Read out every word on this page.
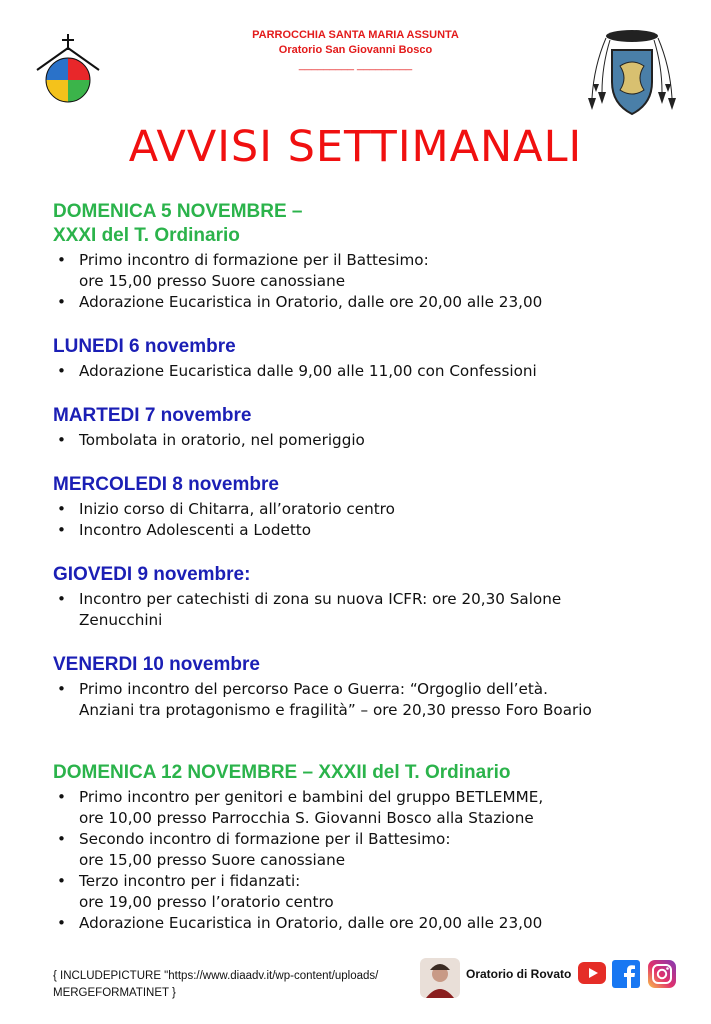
PARROCCHIA SANTA MARIA ASSUNTA
Oratorio San Giovanni Bosco
_________ _________
AVVISI SETTIMANALI
DOMENICA 5 NOVEMBRE –
XXXI del T. Ordinario
• Primo incontro di formazione per il Battesimo:
ore 15,00 presso Suore canossiane
• Adorazione Eucaristica in Oratorio, dalle ore 20,00 alle 23,00
LUNEDI 6 novembre
• Adorazione Eucaristica dalle 9,00 alle 11,00 con Confessioni
MARTEDI 7 novembre
• Tombolata in oratorio, nel pomeriggio
MERCOLEDI 8 novembre
• Inizio corso di Chitarra, all’oratorio centro
• Incontro Adolescenti a Lodetto
GIOVEDI 9 novembre:
• Incontro per catechisti di zona su nuova ICFR: ore 20,30 Salone
Zenucchini
VENERDI 10 novembre
• Primo incontro del percorso Pace o Guerra: “Orgoglio dell’età.
Anziani tra protagonismo e fragilità” – ore 20,30 presso Foro Boario
DOMENICA 12 NOVEMBRE – XXXII del T. Ordinario
• Primo incontro per genitori e bambini del gruppo BETLEMME,
ore 10,00 presso Parrocchia S. Giovanni Bosco alla Stazione
• Secondo incontro di formazione per il Battesimo:
ore 15,00 presso Suore canossiane
• Terzo incontro per i fidanzati:
ore 19,00 presso l’oratorio centro
• Adorazione Eucaristica in Oratorio, dalle ore 20,00 alle 23,00
{ INCLUDEPICTURE "https://www.diaadv.it/wp-content/uploads/
MERGEFORMATINET }
Oratorio di Rovato
